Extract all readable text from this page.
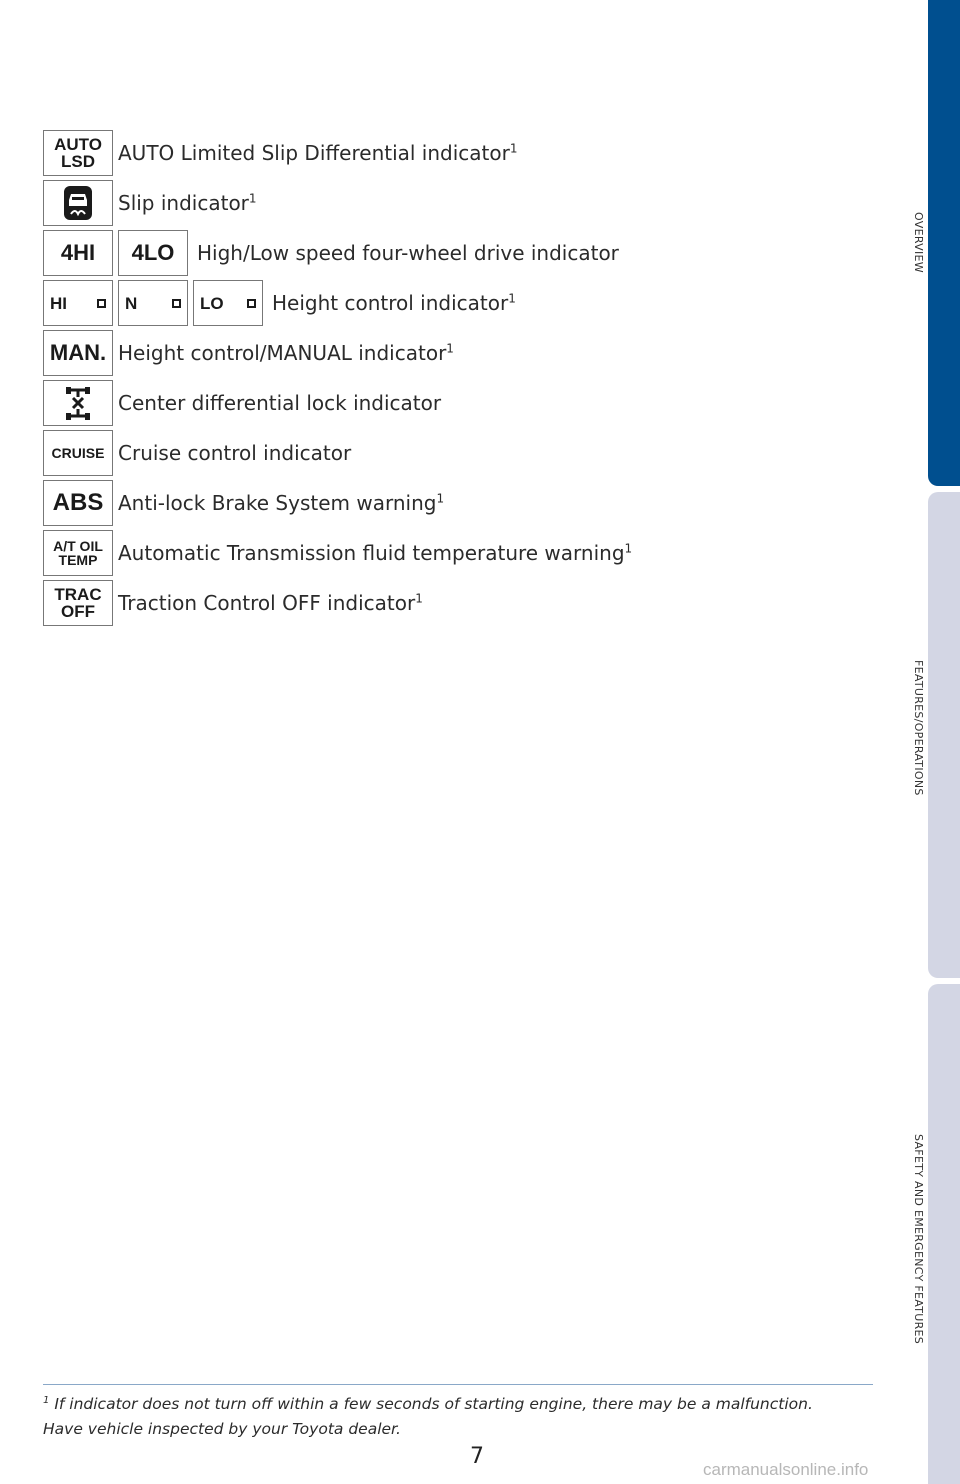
AUTO
LSD AUTO Limited Slip Differential indicator$^1$
Slip indicator$^1$
4HI 4LO High/Low speed four-wheel drive indicator
HI	N	LO Height control indicator$^1$
MAN. Height control/MANUAL indicator$^1$
Center differential lock indicator
CRUISE Cruise control indicator
ABS Anti-lock Brake System warning$^1$
A/T OIL
TEMP Automatic Transmission fluid temperature warning$^1$
TRAC
OFF Traction Control OFF indicator$^1$
$^1$ If indicator does not turn off within a few seconds of starting engine, there may be a malfunction. Have vehicle inspected by your Toyota dealer.
7
OVERVIEW
FEATURES/OPERATIONS
SAFETY AND EMERGENCY FEATURES
carmanualsonline.info
